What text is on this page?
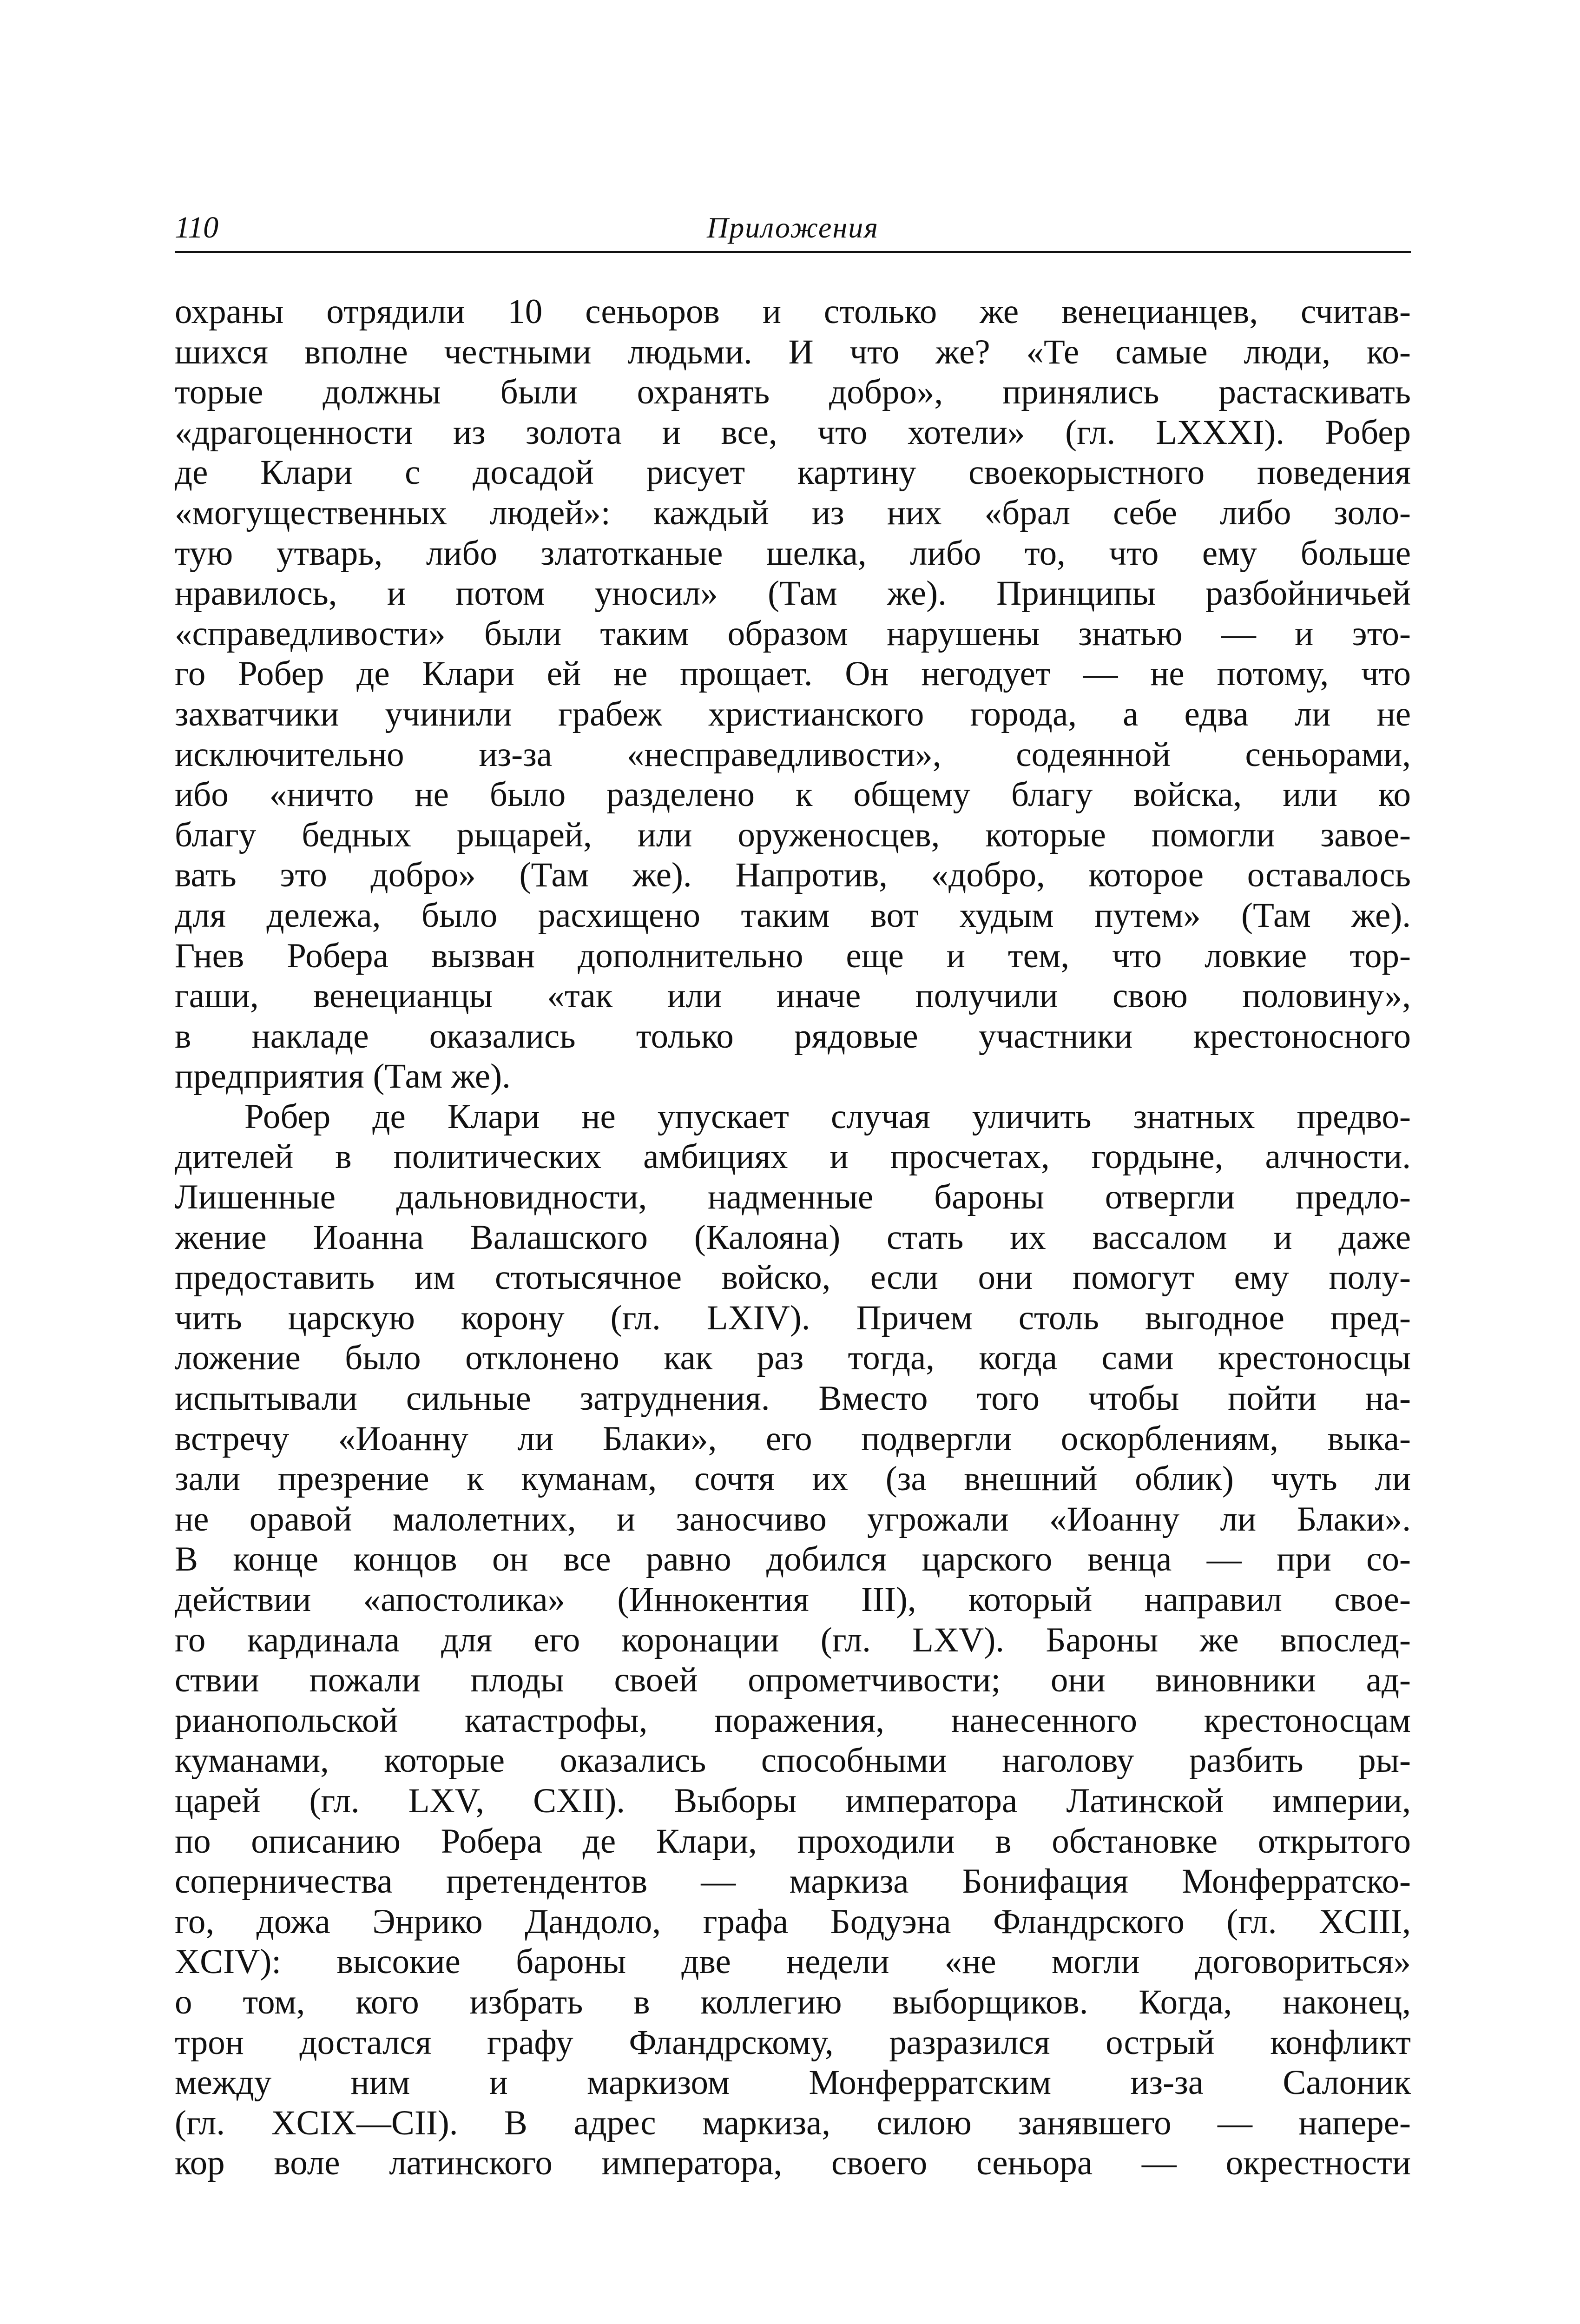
110	Приложения
охраны отрядили 10 сеньоров и столько же венецианцев, считав-
шихся вполне честными людьми. И что же? «Те самые люди, ко-
торые должны были охранять добро», принялись растаскивать
«драгоценности из золота и все, что хотели» (гл. LXXXI). Робер
де Клари с досадой рисует картину своекорыстного поведения
«могущественных людей»: каждый из них «брал себе либо золо-
тую утварь, либо златотканые шелка, либо то, что ему больше
нравилось, и потом уносил» (Там же). Принципы разбойничьей
«справедливости» были таким образом нарушены знатью — и это-
го Робер де Клари ей не прощает. Он негодует — не потому, что
захватчики учинили грабеж христианского города, а едва ли не
исключительно из-за «несправедливости», содеянной сеньорами,
ибо «ничто не было разделено к общему благу войска, или ко
благу бедных рыцарей, или оруженосцев, которые помогли завое-
вать это добро» (Там же). Напротив, «добро, которое оставалось
для дележа, было расхищено таким вот худым путем» (Там же).
Гнев Робера вызван дополнительно еще и тем, что ловкие тор-
гаши, венецианцы «так или иначе получили свою половину»,
в накладе оказались только рядовые участники крестоносного
предприятия (Там же).
Робер де Клари не упускает случая уличить знатных предво-
дителей в политических амбициях и просчетах, гордыне, алчности.
Лишенные дальновидности, надменные бароны отвергли предло-
жение Иоанна Валашского (Калояна) стать их вассалом и даже
предоставить им стотысячное войско, если они помогут ему полу-
чить царскую корону (гл. LXIV). Причем столь выгодное пред-
ложение было отклонено как раз тогда, когда сами крестоносцы
испытывали сильные затруднения. Вместо того чтобы пойти на-
встречу «Иоанну ли Блаки», его подвергли оскорблениям, выка-
зали презрение к куманам, сочтя их (за внешний облик) чуть ли
не оравой малолетних, и заносчиво угрожали «Иоанну ли Блаки».
В конце концов он все равно добился царского венца — при со-
действии «апостолика» (Иннокентия III), который направил свое-
го кардинала для его коронации (гл. LXV). Бароны же впослед-
ствии пожали плоды своей опрометчивости; они виновники ад-
рианопольской катастрофы, поражения, нанесенного крестоносцам
куманами, которые оказались способными наголову разбить ры-
царей (гл. LXV, CXII). Выборы императора Латинской империи,
по описанию Робера де Клари, проходили в обстановке открытого
соперничества претендентов — маркиза Бонифация Монферратско-
го, дожа Энрико Дандоло, графа Бодуэна Фландрского (гл. XCIII,
XCIV): высокие бароны две недели «не могли договориться»
о том, кого избрать в коллегию выборщиков. Когда, наконец,
трон достался графу Фландрскому, разразился острый конфликт
между ним и маркизом Монферратским из-за Салоник
(гл. XCIX—CII). В адрес маркиза, силою занявшего — напере-
кор воле латинского императора, своего сеньора — окрестности
